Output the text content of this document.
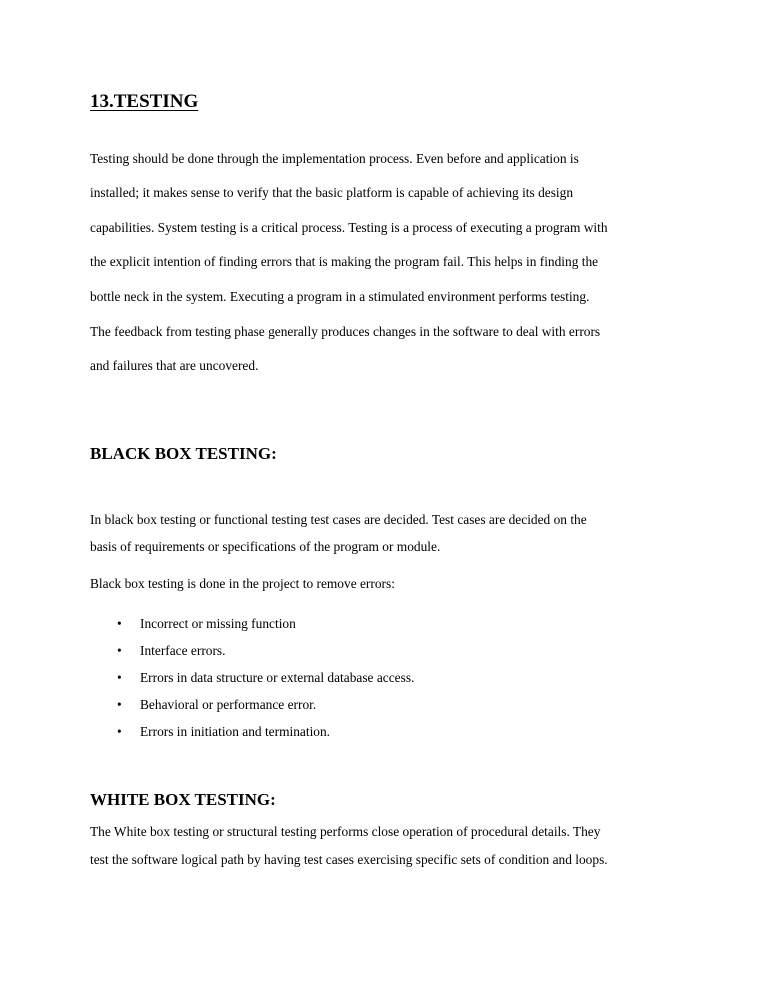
13.TESTING
Testing should be done through the implementation process. Even before and application is
installed; it makes sense to verify that the basic platform is capable of achieving its design
capabilities. System testing is a critical process. Testing is a process of executing a program with
the explicit intention of finding errors that is making the program fail. This helps in finding the
bottle neck in the system. Executing a program in a stimulated environment performs testing.
The feedback from testing phase generally produces changes in the software to deal with errors
and failures that are uncovered.
BLACK BOX TESTING:
In black box testing or functional testing test cases are decided. Test cases are decided on the
basis of requirements or specifications of the program or module.
Black box testing is done in the project to remove errors:
• Incorrect or missing function
• Interface errors.
• Errors in data structure or external database access.
• Behavioral or performance error.
• Errors in initiation and termination.
WHITE BOX TESTING:
The White box testing or structural testing performs close operation of procedural details. They
test the software logical path by having test cases exercising specific sets of condition and loops.
